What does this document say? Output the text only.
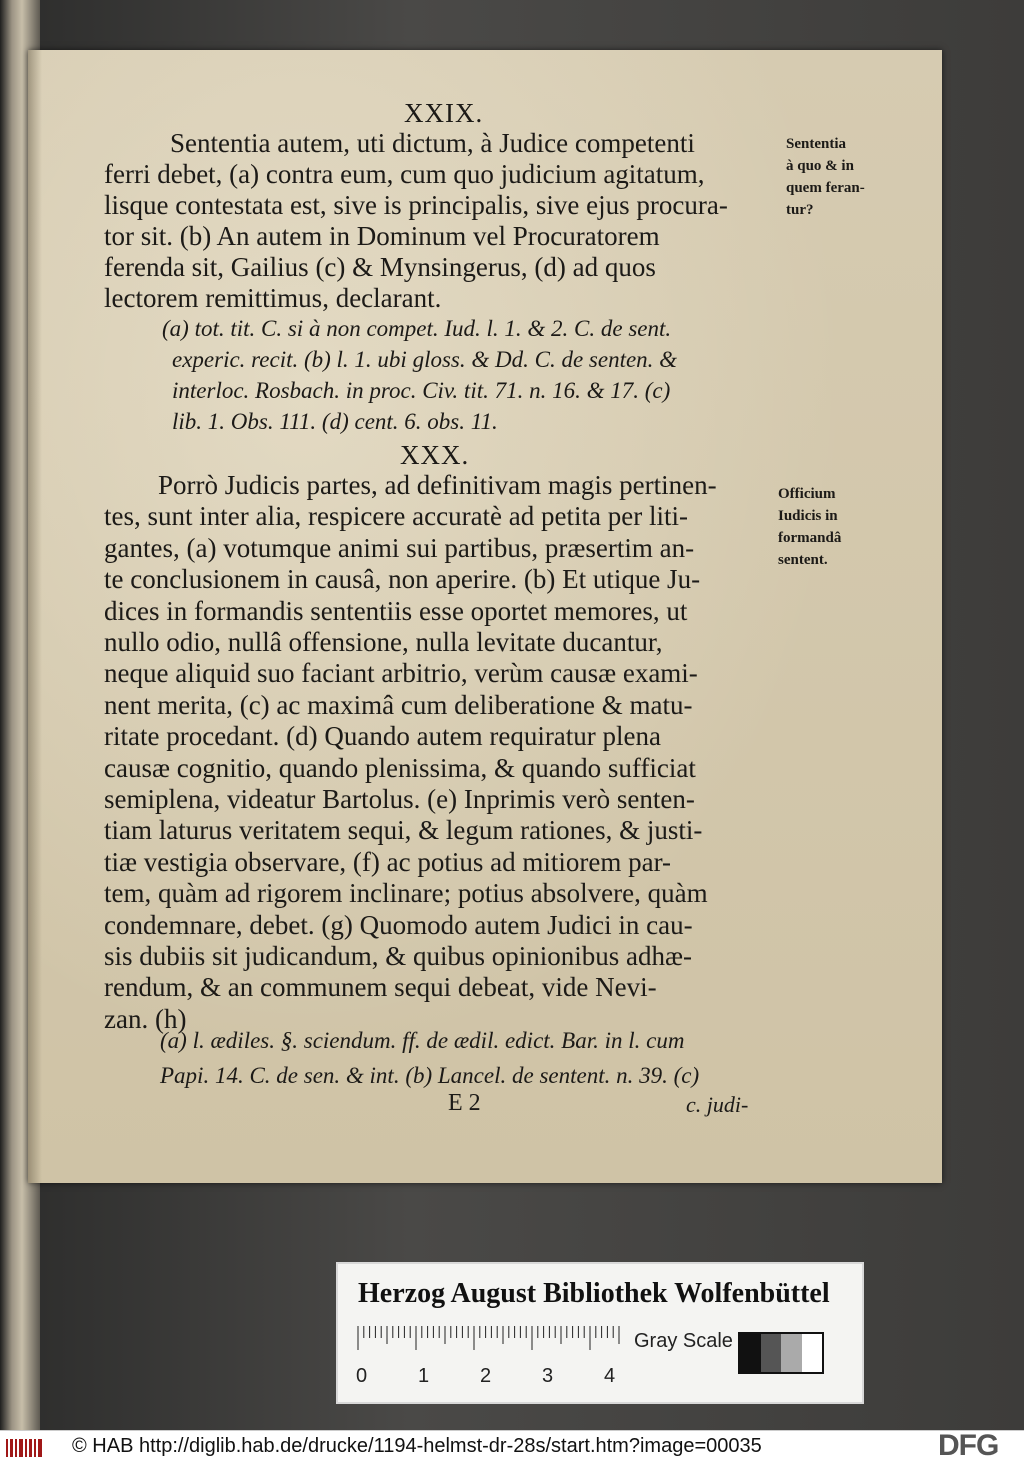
XXIX.
Sententia autem, uti dictum, à Judice competenti
ferri debet, (a) contra eum, cum quo judicium agitatum,
lisque contestata est, sive is principalis, sive ejus procura-
tor sit. (b) An autem in Dominum vel Procuratorem
ferenda sit, Gailius (c) & Mynsingerus, (d) ad quos
lectorem remittimus, declarant.
(a) tot. tit. C. si à non compet. Iud. l. 1. & 2. C. de sent.
experic. recit. (b) l. 1. ubi gloss. & Dd. C. de senten. &
interloc. Rosbach. in proc. Civ. tit. 71. n. 16. & 17. (c)
lib. 1. Obs. 111. (d) cent. 6. obs. 11.
Sententia
à quo & in
quem feran-
tur?
XXX.
Porrò Judicis partes, ad definitivam magis pertinen-
tes, sunt inter alia, respicere accuratè ad petita per liti-
gantes, (a) votumque animi sui partibus, præsertim an-
te conclusionem in causâ, non aperire. (b) Et utique Ju-
dices in formandis sententiis esse oportet memores, ut
nullo odio, nullâ offensione, nulla levitate ducantur,
neque aliquid suo faciant arbitrio, verùm causæ exami-
nent merita, (c) ac maximâ cum deliberatione & matu-
ritate procedant. (d) Quando autem requiratur plena
causæ cognitio, quando plenissima, & quando sufficiat
semiplena, videatur Bartolus. (e) Inprimis verò senten-
tiam laturus veritatem sequi, & legum rationes, & justi-
tiæ vestigia observare, (f) ac potius ad mitiorem par-
tem, quàm ad rigorem inclinare; potius absolvere, quàm
condemnare, debet. (g) Quomodo autem Judici in cau-
sis dubiis sit judicandum, & quibus opinionibus adhæ-
rendum, & an communem sequi debeat, vide Nevi-
zan. (h)
(a) l. ædiles. §. sciendum. ff. de ædil. edict. Bar. in l. cum
Papi. 14. C. de sen. & int. (b) Lancel. de sentent. n. 39. (c)
Officium
Iudicis in
formandâ
sentent.
E 2	c. judi-
Herzog August Bibliothek Wolfenbüttel
0	1	2	3	4
Gray Scale
© HAB http://diglib.hab.de/drucke/1194-helmst-dr-28s/start.htm?image=00035	DFG
